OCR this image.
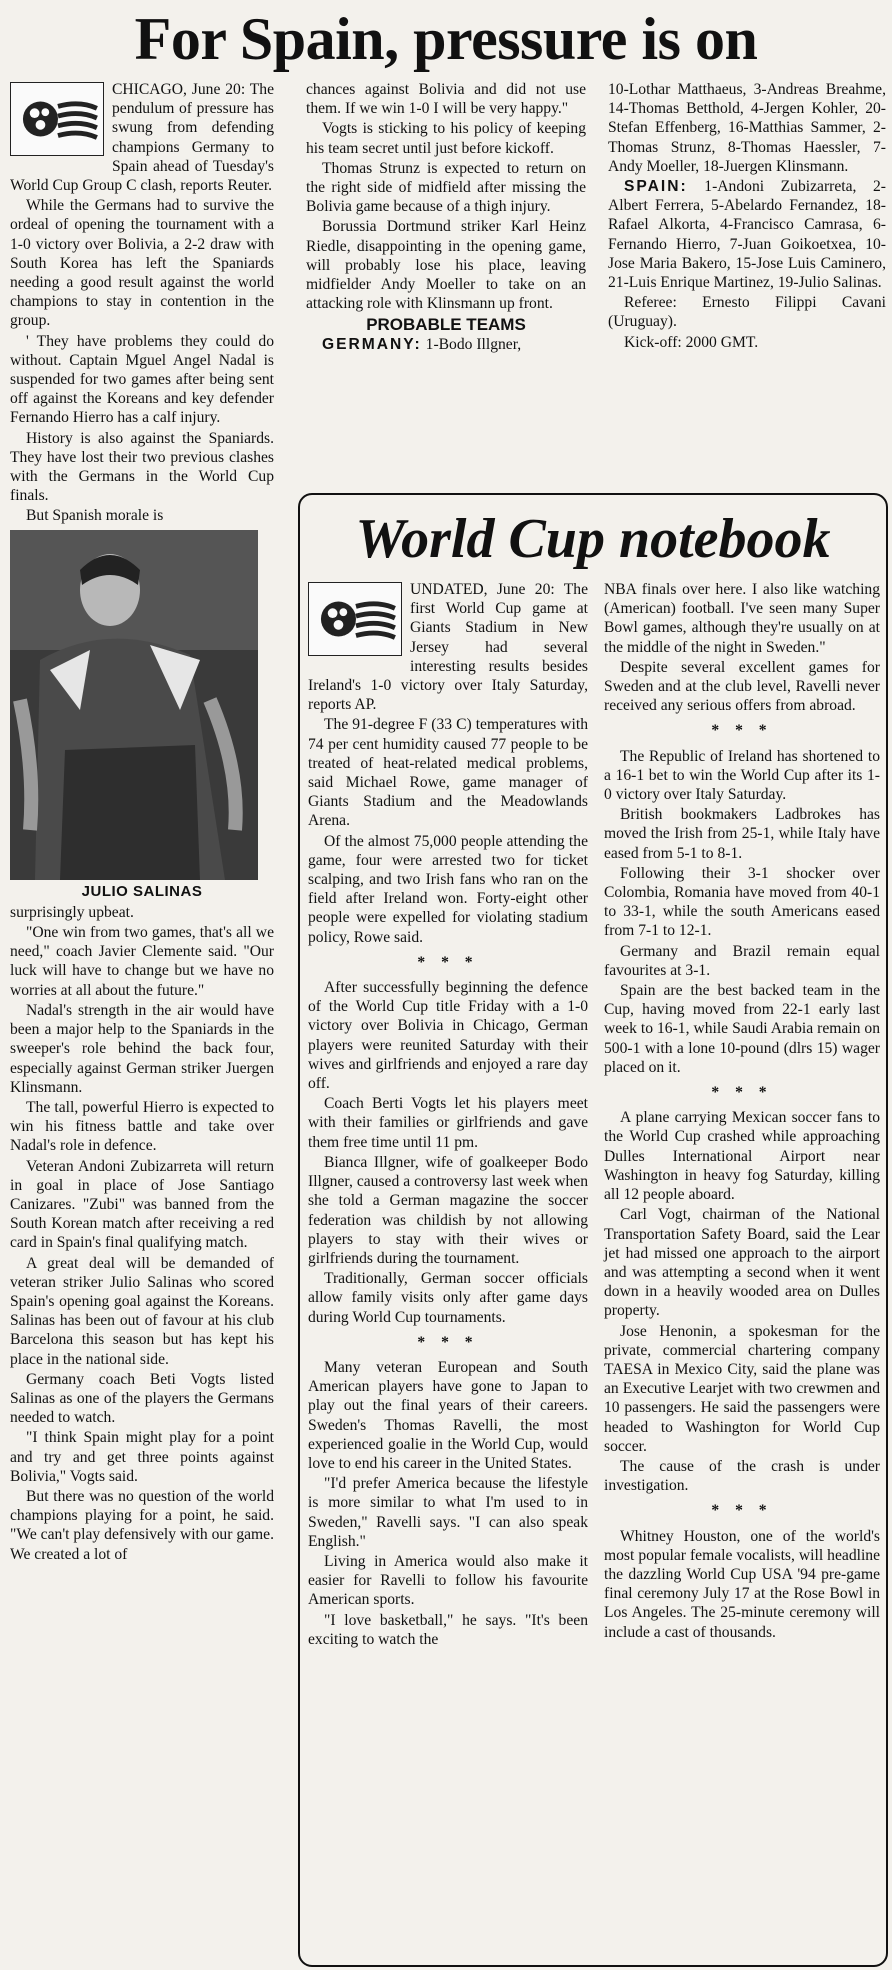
For Spain, pressure is on

CHICAGO, June 20: The pendulum of pressure has swung from defending champions Germany to Spain ahead of Tuesday's World Cup Group C clash, reports Reuter.

While the Germans had to survive the ordeal of opening the tournament with a 1-0 victory over Bolivia, a 2-2 draw with South Korea has left the Spaniards needing a good result against the world champions to stay in contention in the group.

' They have problems they could do without. Captain Mguel Angel Nadal is suspended for two games after being sent off against the Koreans and key defender Fernando Hierro has a calf injury.

History is also against the Spaniards. They have lost their two previous clashes with the Germans in the World Cup finals.

But Spanish morale is

JULIO SALINAS

surprisingly upbeat.

"One win from two games, that's all we need," coach Javier Clemente said. "Our luck will have to change but we have no worries at all about the future."

Nadal's strength in the air would have been a major help to the Spaniards in the sweeper's role behind the back four, especially against German striker Juergen Klinsmann.

The tall, powerful Hierro is expected to win his fitness battle and take over Nadal's role in defence.

Veteran Andoni Zubizarreta will return in goal in place of Jose Santiago Canizares. "Zubi" was banned from the South Korean match after receiving a red card in Spain's final qualifying match.

A great deal will be demanded of veteran striker Julio Salinas who scored Spain's opening goal against the Koreans. Salinas has been out of favour at his club Barcelona this season but has kept his place in the national side.

Germany coach Beti Vogts listed Salinas as one of the players the Germans needed to watch.

"I think Spain might play for a point and try and get three points against Bolivia," Vogts said.

But there was no question of the world champions playing for a point, he said. "We can't play defensively with our game. We created a lot of

chances against Bolivia and did not use them. If we win 1-0 I will be very happy."

Vogts is sticking to his policy of keeping his team secret until just before kickoff.

Thomas Strunz is expected to return on the right side of midfield after missing the Bolivia game because of a thigh injury.

Borussia Dortmund striker Karl Heinz Riedle, disappointing in the opening game, will probably lose his place, leaving midfielder Andy Moeller to take on an attacking role with Klinsmann up front.

PROBABLE TEAMS

GERMANY: 1-Bodo Illgner,

10-Lothar Matthaeus, 3-Andreas Breahme, 14-Thomas Betthold, 4-Jergen Kohler, 20-Stefan Effenberg, 16-Matthias Sammer, 2-Thomas Strunz, 8-Thomas Haessler, 7-Andy Moeller, 18-Juergen Klinsmann.

SPAIN: 1-Andoni Zubizarreta, 2-Albert Ferrera, 5-Abelardo Fernandez, 18-Rafael Alkorta, 4-Francisco Camrasa, 6-Fernando Hierro, 7-Juan Goikoetxea, 10-Jose Maria Bakero, 15-Jose Luis Caminero, 21-Luis Enrique Martinez, 19-Julio Salinas.

Referee: Ernesto Filippi Cavani (Uruguay).

Kick-off: 2000 GMT.

World Cup notebook

UNDATED, June 20: The first World Cup game at Giants Stadium in New Jersey had several interesting results besides Ireland's 1-0 victory over Italy Saturday, reports AP.

The 91-degree F (33 C) temperatures with 74 per cent humidity caused 77 people to be treated of heat-related medical problems, said Michael Rowe, game manager of Giants Stadium and the Meadowlands Arena.

Of the almost 75,000 people attending the game, four were arrested two for ticket scalping, and two Irish fans who ran on the field after Ireland won. Forty-eight other people were expelled for violating stadium policy, Rowe said.

* * *

After successfully beginning the defence of the World Cup title Friday with a 1-0 victory over Bolivia in Chicago, German players were reunited Saturday with their wives and girlfriends and enjoyed a rare day off.

Coach Berti Vogts let his players meet with their families or girlfriends and gave them free time until 11 pm.

Bianca Illgner, wife of goalkeeper Bodo Illgner, caused a controversy last week when she told a German magazine the soccer federation was childish by not allowing players to stay with their wives or girlfriends during the tournament.

Traditionally, German soccer officials allow family visits only after game days during World Cup tournaments.

* * *

Many veteran European and South American players have gone to Japan to play out the final years of their careers. Sweden's Thomas Ravelli, the most experienced goalie in the World Cup, would love to end his career in the United States.

"I'd prefer America because the lifestyle is more similar to what I'm used to in Sweden," Ravelli says. "I can also speak English."

Living in America would also make it easier for Ravelli to follow his favourite American sports.

"I love basketball," he says. "It's been exciting to watch the

NBA finals over here. I also like watching (American) football. I've seen many Super Bowl games, although they're usually on at the middle of the night in Sweden."

Despite several excellent games for Sweden and at the club level, Ravelli never received any serious offers from abroad.

* * *

The Republic of Ireland has shortened to a 16-1 bet to win the World Cup after its 1-0 victory over Italy Saturday.

British bookmakers Ladbrokes has moved the Irish from 25-1, while Italy have eased from 5-1 to 8-1.

Following their 3-1 shocker over Colombia, Romania have moved from 40-1 to 33-1, while the south Americans eased from 7-1 to 12-1.

Germany and Brazil remain equal favourites at 3-1.

Spain are the best backed team in the Cup, having moved from 22-1 early last week to 16-1, while Saudi Arabia remain on 500-1 with a lone 10-pound (dlrs 15) wager placed on it.

* * *

A plane carrying Mexican soccer fans to the World Cup crashed while approaching Dulles International Airport near Washington in heavy fog Saturday, killing all 12 people aboard.

Carl Vogt, chairman of the National Transportation Safety Board, said the Lear jet had missed one approach to the airport and was attempting a second when it went down in a heavily wooded area on Dulles property.

Jose Henonin, a spokesman for the private, commercial chartering company TAESA in Mexico City, said the plane was an Executive Learjet with two crewmen and 10 passengers. He said the passengers were headed to Washington for World Cup soccer.

The cause of the crash is under investigation.

* * *

Whitney Houston, one of the world's most popular female vocalists, will headline the dazzling World Cup USA '94 pre-game final ceremony July 17 at the Rose Bowl in Los Angeles. The 25-minute ceremony will include a cast of thousands.
